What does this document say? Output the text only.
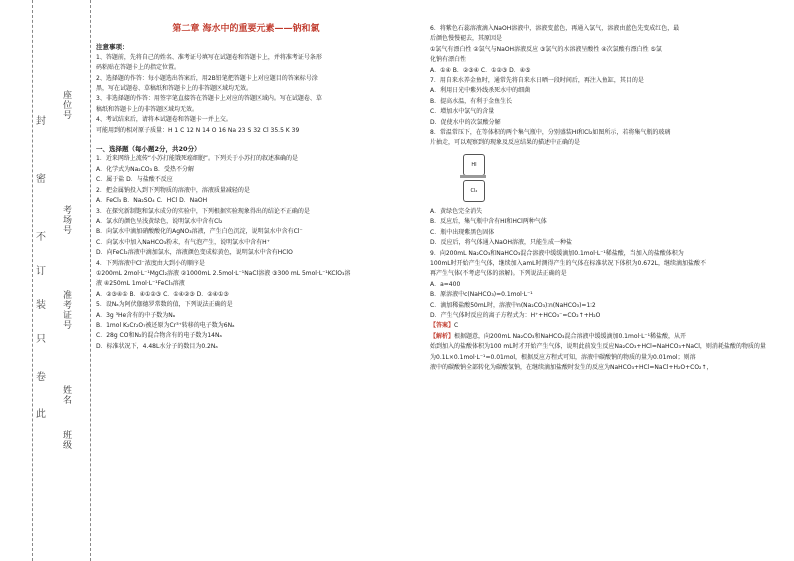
座位号
考场号
准考证号
姓名
班级
封
密
不
订
装
只
卷
此

第二章 海水中的重要元素——钠和氯

注意事项：

1、答题前，先将自己的姓名、准考证号填写在试题卷和答题卡上，并将准考证号条形

码粘贴在答题卡上的指定位置。

2、选择题的作答：每小题选出答案后，用2B铅笔把答题卡上对应题目的答案标号涂

黑，写在试题卷、草稿纸和答题卡上的非答题区域均无效。

3、非选择题的作答：用签字笔直接答在答题卡上对应的答题区域内。写在试题卷、草

稿纸和答题卡上的非答题区域均无效。

4、考试结束后，请将本试题卷和答题卡一并上交。

可能用到的相对原子质量：H 1 C 12 N 14 O 16 Na 23 S 32 Cl 35.5 K 39

一、选择题（每小题2分，共20分）

1．近来网络上流传“小苏打能饿死癌细胞”。下列关于小苏打的叙述准确的是

A．化学式为Na₂CO₃ B．受热不分解

C．属于盐 D．与盐酸不反应

2．把金属钠投入到下列物质的溶液中，溶液质量减轻的是

A．FeCl₃ B．Na₂SO₄ C．HCl D．NaOH

3．在探究新制饱和氯水成分的实验中，下列根据实验现象得出的结论不正确的是

A．氯水的颜色呈浅黄绿色，说明氯水中含有Cl₂

B．向氯水中滴加硝酸酸化的AgNO₃溶液，产生白色沉淀，说明氯水中含有Cl⁻

C．向氯水中加入NaHCO₃粉末，有气泡产生，说明氯水中含有H⁺

D．向FeCl₂溶液中滴加氯水，溶液颜色变成棕黄色，说明氯水中含有HClO

4．下列溶液中Cl⁻浓度由大到小的顺序是

①200mL 2mol·L⁻¹MgCl₂溶液 ②1000mL 2.5mol·L⁻¹NaCl溶液 ③300 mL 5mol·L⁻¹KClO₃溶

液 ④250mL 1mol·L⁻¹FeCl₃溶液

A．②③④① B．④①②③ C．①④②③ D．②④①③

5．设Nₐ为阿伏伽德罗常数的值，下列说法正确的是

A．3g ³He含有的中子数为Nₐ

B．1mol K₂Cr₂O₇被还原为Cr³⁺转移的电子数为6Nₐ

C．28g CO和N₂的混合物含有的电子数为14Nₐ

D．标准状况下，4.48L水分子的数目为0.2Nₐ

6．将紫色石蕊溶液滴入NaOH溶液中，溶液变蓝色，再通入氯气，溶液由蓝色先变成红色，最

后颜色慢慢褪去，其原因是

①氯气有漂白性 ②氯气与NaOH溶液反应 ③氯气的水溶液呈酸性 ④次氯酸有漂白性 ⑤氯

化钠有漂白性

A．①④ B．②③④ C．①②③ D．④⑤

7．用自来水养金鱼时，通常先将自来水日晒一段时间后，再注入鱼缸，其目的是

A．利用日光中紫外线杀死水中的细菌

B．提高水温，有利于金鱼生长

C．增加水中氯气的含量

D．促使水中的次氯酸分解

8．常温常压下，在等体积的两个集气瓶中，分别盛装HI和Cl₂如图所示，若将集气瓶的玻璃

片抽走，可以观察到的现象及反应结果的描述中正确的是

HI
Cl₂

A．黄绿色完全消失

B．反应后，集气瓶中含有HI和HCl两种气体

C．瓶中出现紫黑色固体

D．反应后，将气体通入NaOH溶液，只能生成一种盐

9．向200mL Na₂CO₃和NaHCO₃混合溶液中缓缓滴加0.1mol·L⁻¹稀盐酸，当加入的盐酸体积为

100mL时开始产生气体，继续加入amL时测得产生的气体在标准状况下体积为0.672L，继续滴加盐酸不

再产生气体(不考虑气体的溶解)。下列说法正确的是

A．a=400

B．原溶液中c(NaHCO₃)=0.1mol·L⁻¹

C．滴加稀盐酸50mL时，溶液中n(Na₂CO₃)∶n(NaHCO₃)=1∶2

D．产生气体时反应的离子方程式为：H⁺+HCO₃⁻=CO₂↑+H₂O

【答案】C

【解析】根据题意，向200mL Na₂CO₃和NaHCO₃混合溶液中缓缓滴加0.1mol·L⁻¹稀盐酸，从开

始到加入的盐酸体积为100 mL时才开始产生气体，说明此前发生反应Na₂CO₃+HCl=NaHCO₃+NaCl，则消耗盐酸的物质的量

为0.1L×0.1mol·L⁻¹=0.01mol，根据反应方程式可知，溶液中碳酸钠的物质的量为0.01mol；则溶

液中的碳酸钠全部转化为碳酸氢钠，在继续滴加盐酸时发生的反应为NaHCO₃+HCl=NaCl+H₂O+CO₂↑，
